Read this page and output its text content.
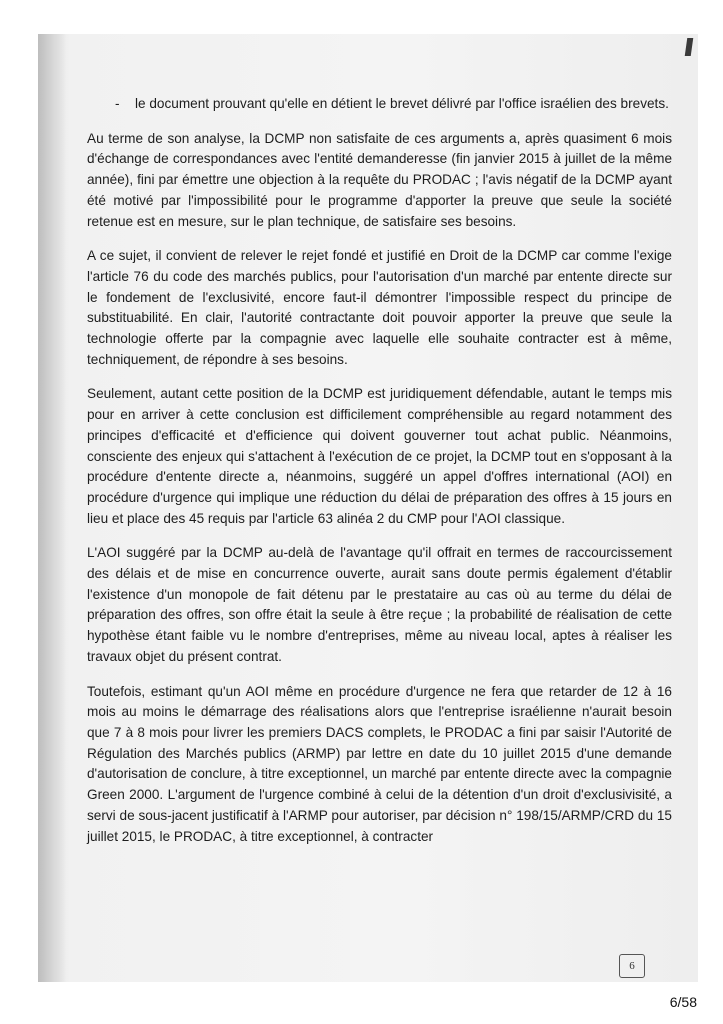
-	le document prouvant qu'elle en détient le brevet délivré par l'office israélien des brevets.

Au terme de son analyse, la DCMP non satisfaite de ces arguments a, après quasiment 6 mois d'échange de correspondances avec l'entité demanderesse (fin janvier 2015 à juillet de la même année), fini par émettre une objection à la requête du PRODAC ; l'avis négatif de la DCMP ayant été motivé par l'impossibilité pour le programme d'apporter la preuve que seule la société retenue est en mesure, sur le plan technique, de satisfaire ses besoins.

A ce sujet, il convient de relever le rejet fondé et justifié en Droit de la DCMP car comme l'exige l'article 76 du code des marchés publics, pour l'autorisation d'un marché par entente directe sur le fondement de l'exclusivité, encore faut-il démontrer l'impossible respect du principe de substituabilité. En clair, l'autorité contractante doit pouvoir apporter la preuve que seule la technologie offerte par la compagnie avec laquelle elle souhaite contracter est à même, techniquement, de répondre à ses besoins.

Seulement, autant cette position de la DCMP est juridiquement défendable, autant le temps mis pour en arriver à cette conclusion est difficilement compréhensible au regard notamment des principes d'efficacité et d'efficience qui doivent gouverner tout achat public. Néanmoins, consciente des enjeux qui s'attachent à l'exécution de ce projet, la DCMP tout en s'opposant à la procédure d'entente directe a, néanmoins, suggéré un appel d'offres international (AOI) en procédure d'urgence qui implique une réduction du délai de préparation des offres à 15 jours en lieu et place des 45 requis par l'article 63 alinéa 2 du CMP pour l'AOI classique.

L'AOI suggéré par la DCMP au-delà de l'avantage qu'il offrait en termes de raccourcissement des délais et de mise en concurrence ouverte, aurait sans doute permis également d'établir l'existence d'un monopole de fait détenu par le prestataire au cas où au terme du délai de préparation des offres, son offre était la seule à être reçue ; la probabilité de réalisation de cette hypothèse étant faible vu le nombre d'entreprises, même au niveau local, aptes à réaliser les travaux objet du présent contrat.

Toutefois, estimant qu'un AOI même en procédure d'urgence ne fera que retarder de 12 à 16 mois au moins le démarrage des réalisations alors que l'entreprise israélienne n'aurait besoin que 7 à 8 mois pour livrer les premiers DACS complets, le PRODAC a fini par saisir l'Autorité de Régulation des Marchés publics (ARMP) par lettre en date du 10 juillet 2015 d'une demande d'autorisation de conclure, à titre exceptionnel, un marché par entente directe avec la compagnie Green 2000. L'argument de l'urgence combiné à celui de la détention d'un droit d'exclusivisité, a servi de sous-jacent justificatif à l'ARMP pour autoriser, par décision n° 198/15/ARMP/CRD du 15 juillet 2015, le PRODAC, à titre exceptionnel, à contracter

6
6/58
